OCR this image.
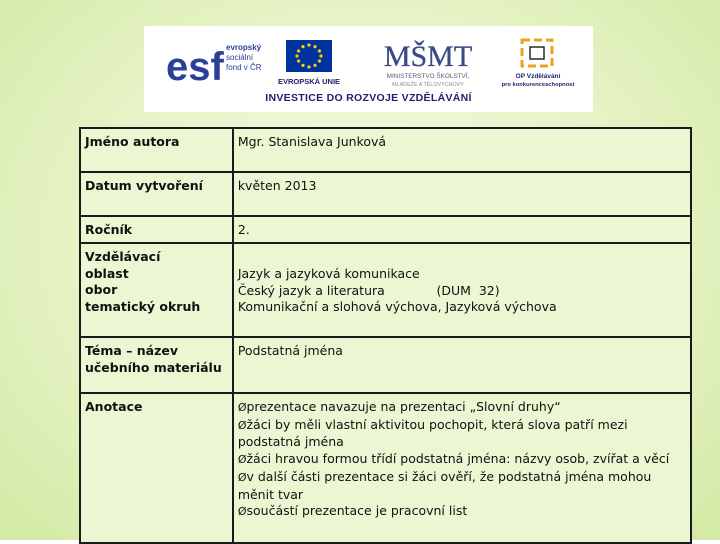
esf evropský
sociální
fond v ČR
EVROPSKÁ UNIE
MŠMT
MINISTERSTVO ŠKOLSTVÍ,
MLÁDEŽE A TĚLOVÝCHOVY
OP Vzdělávání
pro konkurenceschopnost
INVESTICE DO ROZVOJE VZDĚLÁVÁNÍ
Jméno autora	Mgr. Stanislava Junková

Datum vytvoření	květen 2013

Ročník	2.

Vzdělávací
oblast
obor
tematický okruh	Jazyk a jazyková komunikace
Český jazyk a literatura             (DUM  32)
Komunikační a slohová výchova, Jazyková výchova

Téma – název
učebního materiálu	Podstatná jména

Anotace	Øprezentace navazuje na prezentaci „Slovní druhy“
Øžáci by měli vlastní aktivitou pochopit, která slova patří mezi podstatná jména
Øžáci hravou formou třídí podstatná jména: názvy osob, zvířat a věcí
Øv další části prezentace si žáci ověří, že podstatná jména mohou měnit tvar
Øsoučástí prezentace je pracovní list
